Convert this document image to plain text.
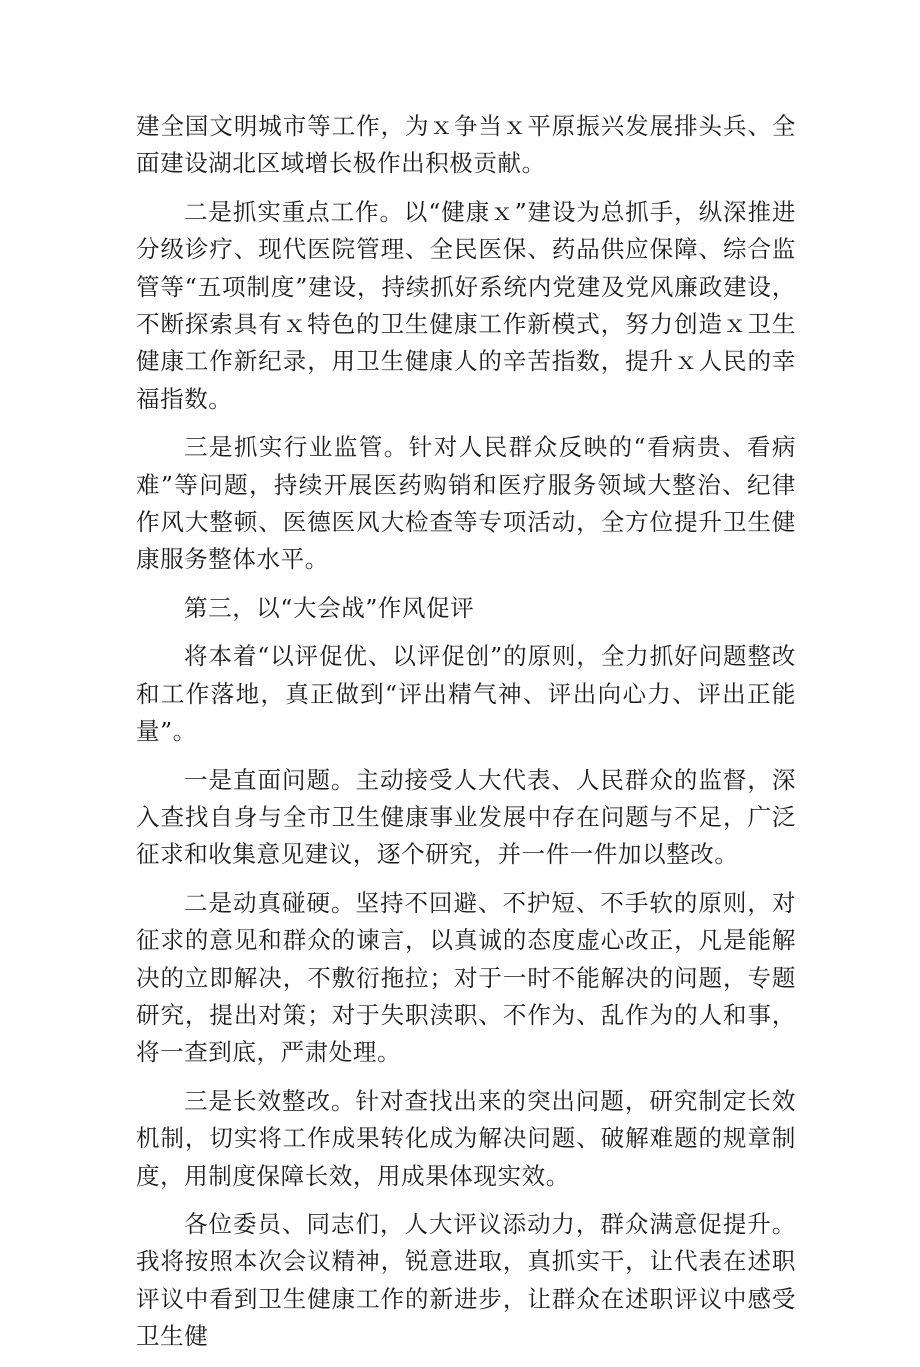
建全国文明城市等工作，为ｘ争当ｘ平原振兴发展排头兵、全面建设湖北区域增长极作出积极贡献。

二是抓实重点工作。以“健康ｘ”建设为总抓手，纵深推进分级诊疗、现代医院管理、全民医保、药品供应保障、综合监管等“五项制度”建设，持续抓好系统内党建及党风廉政建设，不断探索具有ｘ特色的卫生健康工作新模式，努力创造ｘ卫生健康工作新纪录，用卫生健康人的辛苦指数，提升ｘ人民的幸福指数。

三是抓实行业监管。针对人民群众反映的“看病贵、看病难”等问题，持续开展医药购销和医疗服务领域大整治、纪律作风大整顿、医德医风大检查等专项活动，全方位提升卫生健康服务整体水平。

第三，以“大会战”作风促评

将本着“以评促优、以评促创”的原则，全力抓好问题整改和工作落地，真正做到“评出精气神、评出向心力、评出正能量”。

一是直面问题。主动接受人大代表、人民群众的监督，深入查找自身与全市卫生健康事业发展中存在问题与不足，广泛征求和收集意见建议，逐个研究，并一件一件加以整改。

二是动真碰硬。坚持不回避、不护短、不手软的原则，对征求的意见和群众的谏言，以真诚的态度虚心改正，凡是能解决的立即解决，不敷衍拖拉；对于一时不能解决的问题，专题研究，提出对策；对于失职渎职、不作为、乱作为的人和事，将一查到底，严肃处理。

三是长效整改。针对查找出来的突出问题，研究制定长效机制，切实将工作成果转化成为解决问题、破解难题的规章制度，用制度保障长效，用成果体现实效。

各位委员、同志们，人大评议添动力，群众满意促提升。我将按照本次会议精神，锐意进取，真抓实干，让代表在述职评议中看到卫生健康工作的新进步，让群众在述职评议中感受卫生健
